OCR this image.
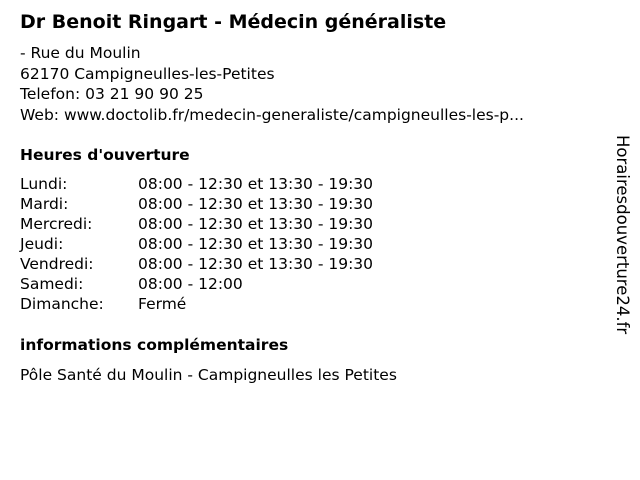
Dr Benoit Ringart - Médecin généraliste
- Rue du Moulin
62170 Campigneulles-les-Petites
Telefon: 03 21 90 90 25
Web: www.doctolib.fr/medecin-generaliste/campigneulles-les-p...
Heures d'ouverture
Lundi:	08:00 - 12:30 et 13:30 - 19:30
Mardi:	08:00 - 12:30 et 13:30 - 19:30
Mercredi:	08:00 - 12:30 et 13:30 - 19:30
Jeudi:	08:00 - 12:30 et 13:30 - 19:30
Vendredi:	08:00 - 12:30 et 13:30 - 19:30
Samedi:	08:00 - 12:00
Dimanche: Fermé
informations complémentaires
Pôle Santé du Moulin - Campigneulles les Petites
Horairesdouverture24.fr
